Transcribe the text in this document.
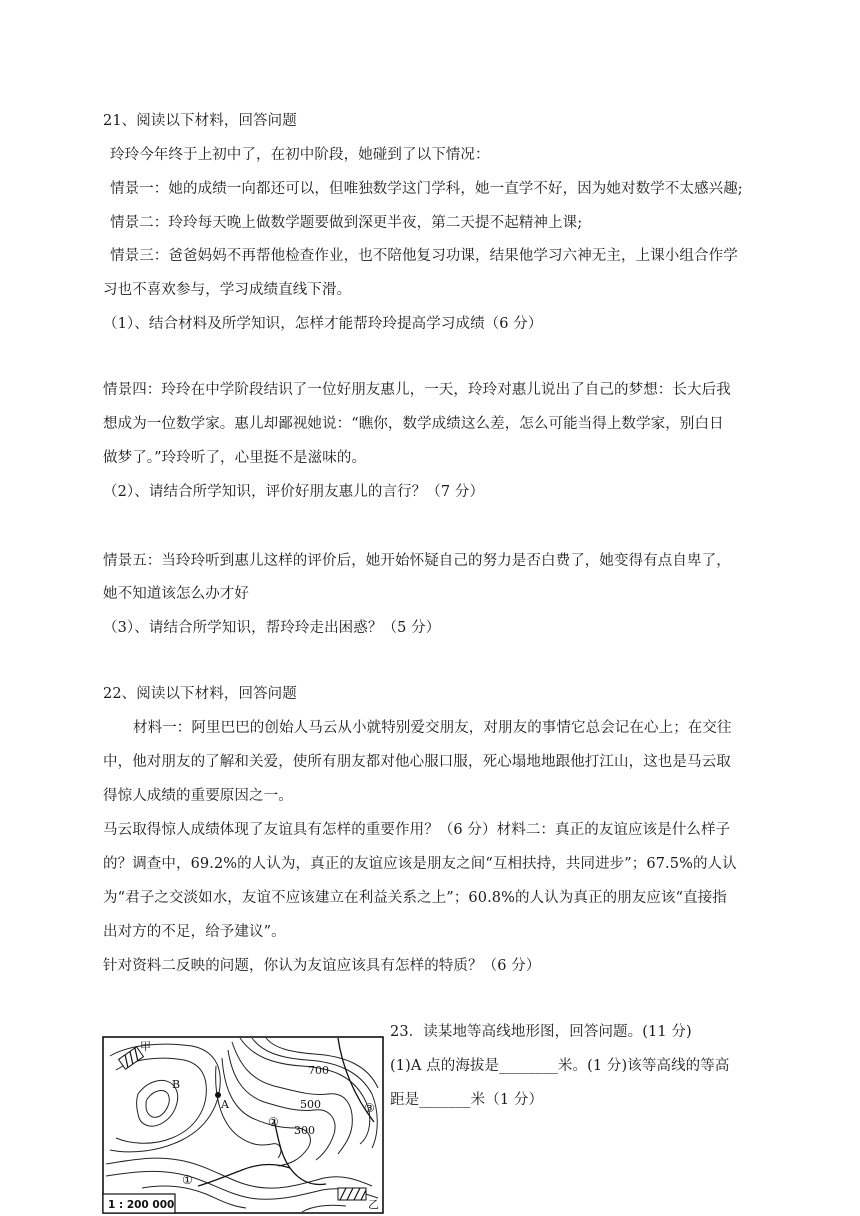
21、阅读以下材料，回答问题
玲玲今年终于上初中了，在初中阶段，她碰到了以下情况：
情景一：她的成绩一向都还可以，但唯独数学这门学科，她一直学不好，因为她对数学不太感兴趣;
情景二：玲玲每天晚上做数学题要做到深更半夜，第二天提不起精神上课;
情景三：爸爸妈妈不再帮他检查作业，也不陪他复习功课，结果他学习六神无主，上课小组合作学
习也不喜欢参与，学习成绩直线下滑。
（1）、结合材料及所学知识，怎样才能帮玲玲提高学习成绩（6 分）
情景四：玲玲在中学阶段结识了一位好朋友惠儿，一天，玲玲对惠儿说出了自己的梦想：长大后我
想成为一位数学家。惠儿却鄙视她说：“瞧你，数学成绩这么差，怎么可能当得上数学家，别白日
做梦了。”玲玲听了，心里挺不是滋味的。
（2）、请结合所学知识，评价好朋友惠儿的言行？（7 分）
情景五：当玲玲听到惠儿这样的评价后，她开始怀疑自己的努力是否白费了，她变得有点自卑了，
她不知道该怎么办才好
（3）、请结合所学知识，帮玲玲走出困惑？（5 分）
22、阅读以下材料，回答问题
材料一：阿里巴巴的创始人马云从小就特别爱交朋友，对朋友的事情它总会记在心上；在交往
中，他对朋友的了解和关爱，使所有朋友都对他心服口服，死心塌地地跟他打江山，这也是马云取
得惊人成绩的重要原因之一。
马云取得惊人成绩体现了友谊具有怎样的重要作用？（6 分）材料二：真正的友谊应该是什么样子
的？调查中，69.2%的人认为，真正的友谊应该是朋友之间“互相扶持，共同进步”；67.5%的人认
为“君子之交淡如水，友谊不应该建立在利益关系之上”；60.8%的人认为真正的朋友应该“直接指
出对方的不足，给予建议”。
针对资料二反映的问题，你认为友谊应该具有怎样的特质？（6 分）
23．读某地等高线地形图，回答问题。(11 分)
(1)A 点的海拔是________米。(1 分)该等高线的等高
距是_______米（1 分）
甲
乙
A
B
700
500
300
①
②
③
1 : 200 000
